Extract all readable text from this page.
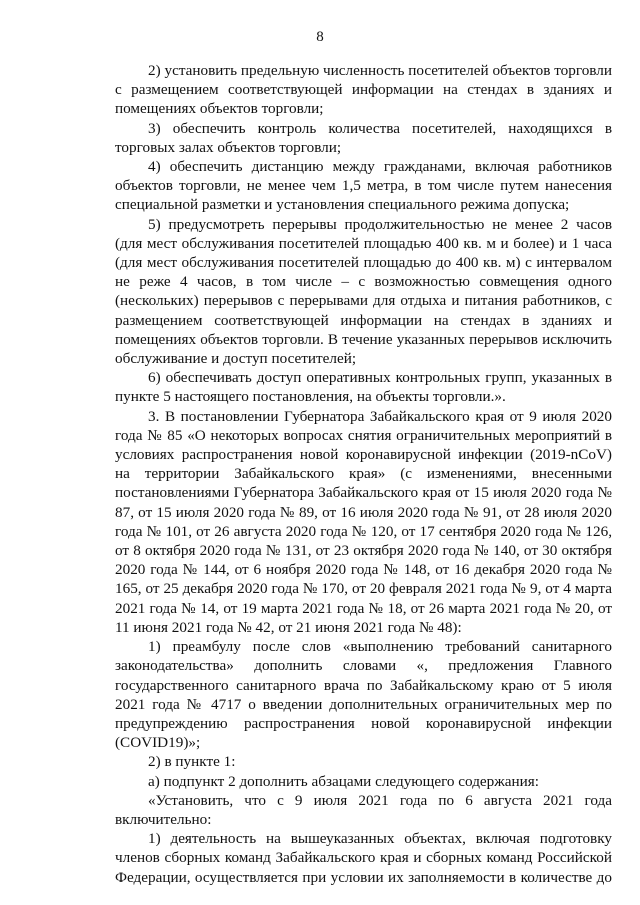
8

2) установить предельную численность посетителей объектов торговли с размещением соответствующей информации на стендах в зданиях и помещениях объектов торговли;

3) обеспечить контроль количества посетителей, находящихся в торговых залах объектов торговли;

4) обеспечить дистанцию между гражданами, включая работников объектов торговли, не менее чем 1,5 метра, в том числе путем нанесения специальной разметки и установления специального режима допуска;

5) предусмотреть перерывы продолжительностью не менее 2 часов (для мест обслуживания посетителей площадью 400 кв. м и более) и 1 часа (для мест обслуживания посетителей площадью до 400 кв. м) с интервалом не реже 4 часов, в том числе – с возможностью совмещения одного (нескольких) перерывов с перерывами для отдыха и питания работников, с размещением соответствующей информации на стендах в зданиях и помещениях объектов торговли. В течение указанных перерывов исключить обслуживание и доступ посетителей;

6) обеспечивать доступ оперативных контрольных групп, указанных в пункте 5 настоящего постановления, на объекты торговли.».

3. В постановлении Губернатора Забайкальского края от 9 июля 2020 года № 85 «О некоторых вопросах снятия ограничительных мероприятий в условиях распространения новой коронавирусной инфекции (2019-nCoV) на территории Забайкальского края» (с изменениями, внесенными постановлениями Губернатора Забайкальского края от 15 июля 2020 года № 87, от 15 июля 2020 года № 89, от 16 июля 2020 года № 91, от 28 июля 2020 года № 101, от 26 августа 2020 года № 120, от 17 сентября 2020 года № 126, от 8 октября 2020 года № 131, от 23 октября 2020 года № 140, от 30 октября 2020 года № 144, от 6 ноября 2020 года № 148, от 16 декабря 2020 года № 165, от 25 декабря 2020 года № 170, от 20 февраля 2021 года № 9, от 4 марта 2021 года № 14, от 19 марта 2021 года № 18, от 26 марта 2021 года № 20, от 11 июня 2021 года № 42, от 21 июня 2021 года № 48):

1) преамбулу после слов «выполнению требований санитарного законодательства» дополнить словами «, предложения Главного государственного санитарного врача по Забайкальскому краю от 5 июля 2021 года № 4717 о введении дополнительных ограничительных мер по предупреждению распространения новой коронавирусной инфекции (COVID19)»;

2) в пункте 1:

а) подпункт 2 дополнить абзацами следующего содержания:

«Установить, что с 9 июля 2021 года по 6 августа 2021 года включительно:

1) деятельность на вышеуказанных объектах, включая подготовку членов сборных команд Забайкальского края и сборных команд Российской Федерации, осуществляется при условии их заполняемости в количестве до
